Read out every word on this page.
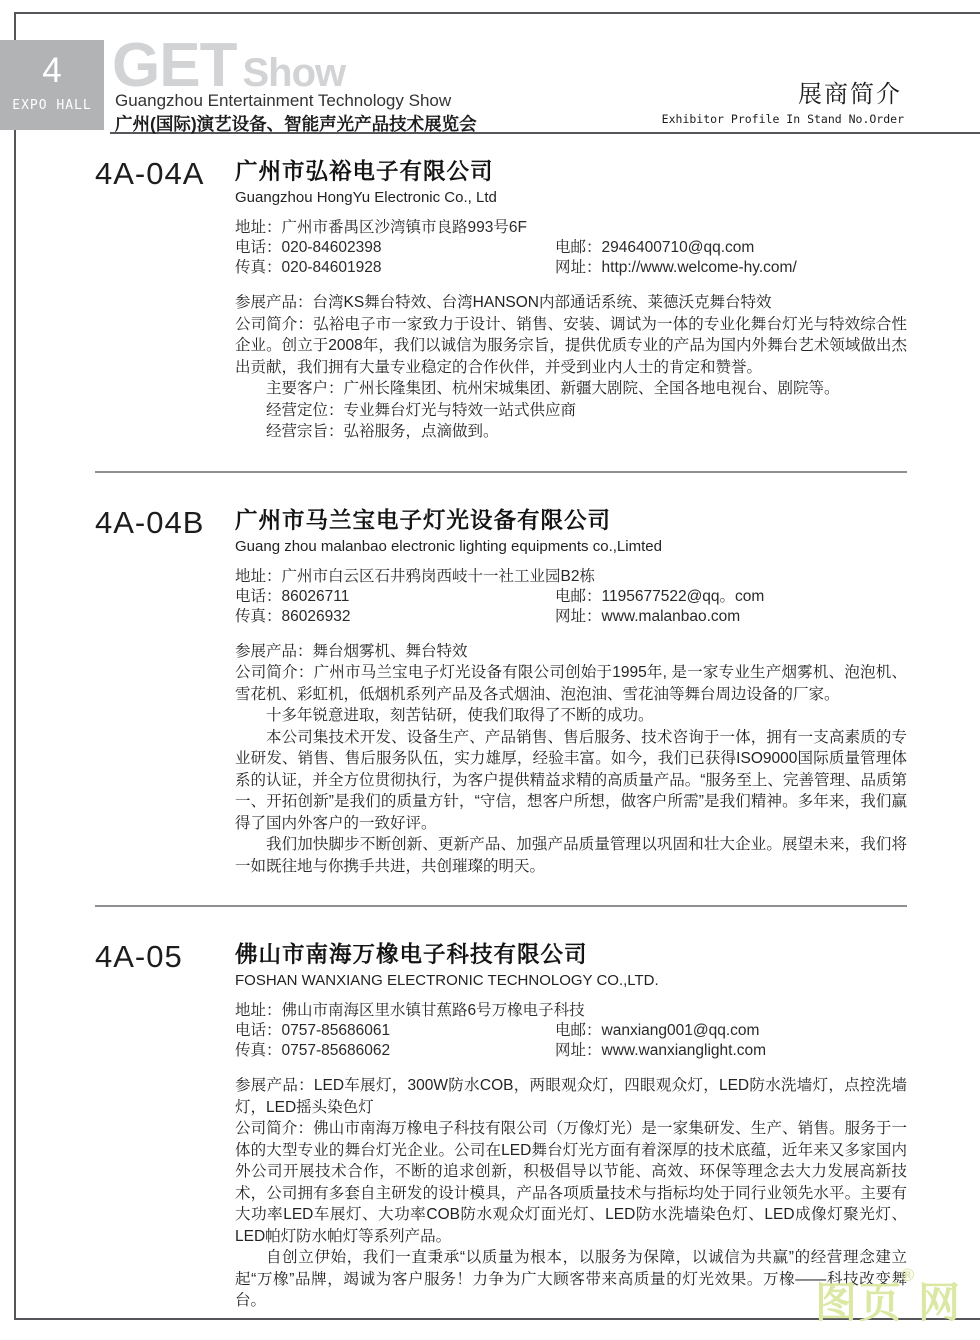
4
EXPO HALL
GET Show
Guangzhou Entertainment Technology Show
广州(国际)演艺设备、智能声光产品技术展览会
展商简介
Exhibitor Profile In Stand No.Order
4A-04A	广州市弘裕电子有限公司
Guangzhou HongYu Electronic Co., Ltd
地址： 广州市番禺区沙湾镇市良路993号6F
电话：020-84602398	电邮：2946400710@qq.com
传真：020-84601928	网址：http://www.welcome-hy.com/

参展产品：台湾KS舞台特效、台湾HANSON内部通话系统、莱德沃克舞台特效

公司简介：弘裕电子市一家致力于设计、销售、安装、调试为一体的专业化舞台灯光与特效综合性企业。创立于2008年，我们以诚信为服务宗旨，提供优质专业的产品为国内外舞台艺术领域做出杰出贡献，我们拥有大量专业稳定的合作伙伴，并受到业内人士的肯定和赞誉。

主要客户：广州长隆集团、杭州宋城集团、新疆大剧院、全国各地电视台、剧院等。

经营定位：专业舞台灯光与特效一站式供应商

经营宗旨：弘裕服务，点滴做到。

4A-04B	广州市马兰宝电子灯光设备有限公司
Guang zhou malanbao electronic lighting equipments co.,Limted
地址： 广州市白云区石井鸦岗西岐十一社工业园B2栋
电话：86026711	电邮：1195677522@qq。com
传真：86026932	网址：www.malanbao.com

参展产品：舞台烟雾机、舞台特效

公司简介：广州市马兰宝电子灯光设备有限公司创始于1995年, 是一家专业生产烟雾机、泡泡机、雪花机、彩虹机，低烟机系列产品及各式烟油、泡泡油、雪花油等舞台周边设备的厂家。

十多年锐意进取，刻苦钻研，使我们取得了不断的成功。

本公司集技术开发、设备生产、产品销售、售后服务、技术咨询于一体，拥有一支高素质的专业研发、销售、售后服务队伍，实力雄厚，经验丰富。如今，我们已获得ISO9000国际质量管理体系的认证，并全方位贯彻执行，为客户提供精益求精的高质量产品。“服务至上、完善管理、品质第一、开拓创新”是我们的质量方针，“守信，想客户所想，做客户所需”是我们精神。多年来，我们赢得了国内外客户的一致好评。

我们加快脚步不断创新、更新产品、加强产品质量管理以巩固和壮大企业。展望未来，我们将一如既往地与你携手共进，共创璀璨的明天。

4A-05	佛山市南海万橡电子科技有限公司
FOSHAN WANXIANG ELECTRONIC TECHNOLOGY CO.,LTD.
地址： 佛山市南海区里水镇甘蕉路6号万橡电子科技
电话：0757-85686061	电邮：wanxiang001@qq.com
传真：0757-85686062	网址：www.wanxianglight.com

参展产品：LED车展灯，300W防水COB，两眼观众灯，四眼观众灯，LED防水洗墙灯，点控洗墙灯，LED摇头染色灯

公司简介：佛山市南海万橡电子科技有限公司（万像灯光）是一家集研发、生产、销售。服务于一体的大型专业的舞台灯光企业。公司在LED舞台灯光方面有着深厚的技术底蕴，近年来又多家国内外公司开展技术合作，不断的追求创新，积极倡导以节能、高效、环保等理念去大力发展高新技术，公司拥有多套自主研发的设计模具，产品各项质量技术与指标均处于同行业领先水平。主要有大功率LED车展灯、大功率COB防水观众灯面光灯、LED防水洗墙染色灯、LED成像灯聚光灯、LED帕灯防水帕灯等系列产品。

自创立伊始，我们一直秉承“以质量为根本，以服务为保障，以诚信为共赢”的经营理念建立起“万橡”品牌，竭诚为客户服务！力争为广大顾客带来高质量的灯光效果。万橡——科技改变舞台。	图页®网
